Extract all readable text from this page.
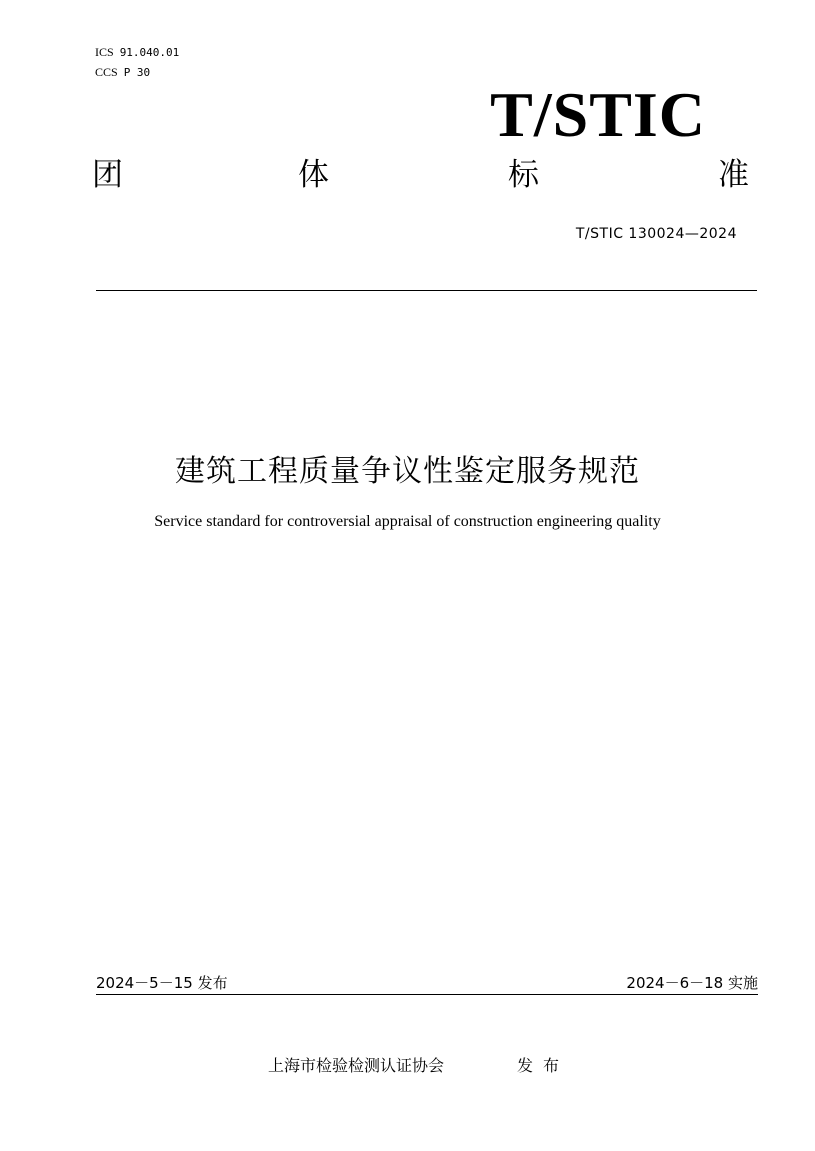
ICS 91.040.01
CCS P 30
T/STIC
团	体	标	准
T/STIC 130024—2024
建筑工程质量争议性鉴定服务规范
Service standard for controversial appraisal of construction engineering quality
2024－5－15 发布	2024－6－18 实施
上海市检验检测认证协会	发布
